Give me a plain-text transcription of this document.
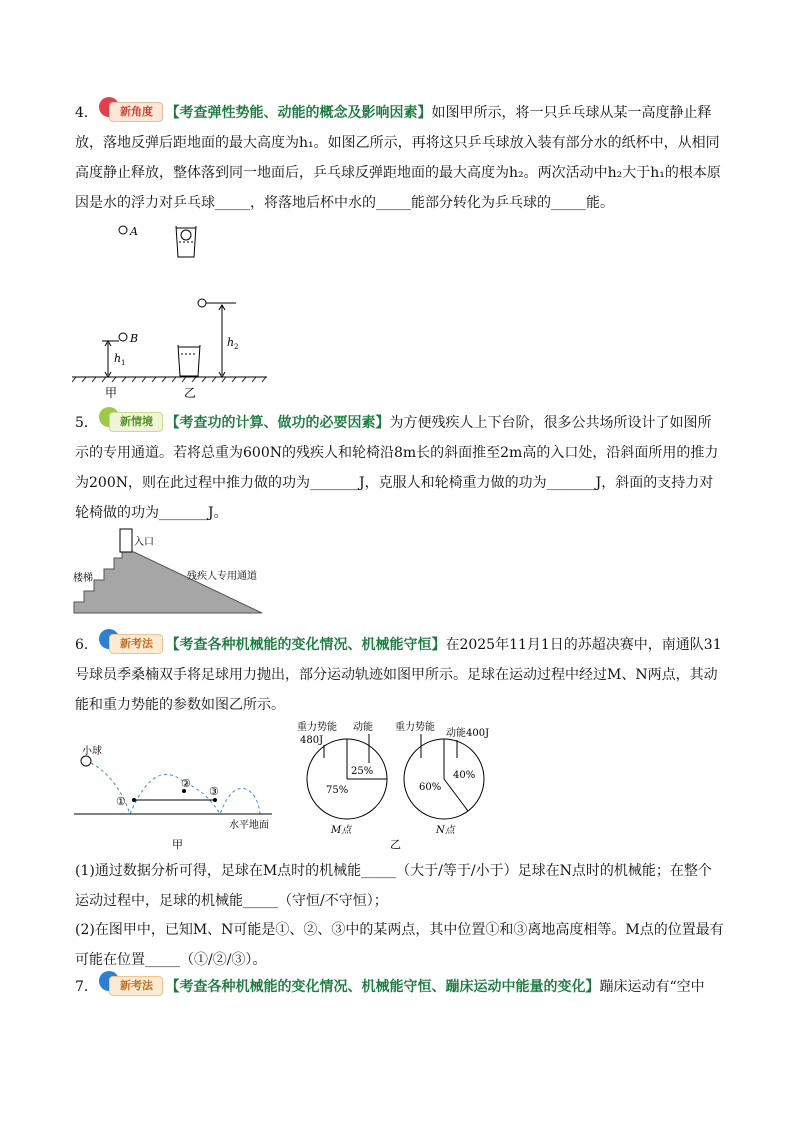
4．	新角度 【考查弹性势能、动能的概念及影响因素】如图甲所示，将一只乒乓球从某一高度静止释放，落地反弹后距地面的最大高度为h₁。如图乙所示，再将这只乒乓球放入装有部分水的纸杯中，从相同高度静止释放，整体落到同一地面后，乒乓球反弹距地面的最大高度为h₂。两次活动中h₂大于h₁的根本原因是水的浮力对乒乓球_____，将落地后杯中水的_____能部分转化为乒乓球的_____能。
A
B
h 1
h 2
甲	乙
5．	新情境 【考查功的计算、做功的必要因素】为方便残疾人上下台阶，很多公共场所设计了如图所示的专用通道。若将总重为600N的残疾人和轮椅沿8m长的斜面推至2m高的入口处，沿斜面所用的推力为200N，则在此过程中推力做的功为_______J，克服人和轮椅重力做的功为_______J，斜面的支持力对轮椅做的功为_______J。
入口
楼梯	残疾人专用通道
6．	新考法 【考查各种机械能的变化情况、机械能守恒】在2025年11月1日的苏超决赛中，南通队31号球员季桑楠双手将足球用力抛出，部分运动轨迹如图甲所示。足球在运动过程中经过M、N两点，其动能和重力势能的参数如图乙所示。
小球
①
②
③
水平地面
甲
重力势能 动能
480J
25%
75%
M点
重力势能
动能400J
40%
60%
N点
乙
(1)通过数据分析可得，足球在M点时的机械能_____（大于/等于/小于）足球在N点时的机械能；在整个运动过程中，足球的机械能_____（守恒/不守恒）；
(2)在图甲中，已知M、N可能是①、②、③中的某两点，其中位置①和③离地高度相等。M点的位置最有可能在位置_____（①/②/③）。
7．	新考法 【考查各种机械能的变化情况、机械能守恒、蹦床运动中能量的变化】蹦床运动有“空中
